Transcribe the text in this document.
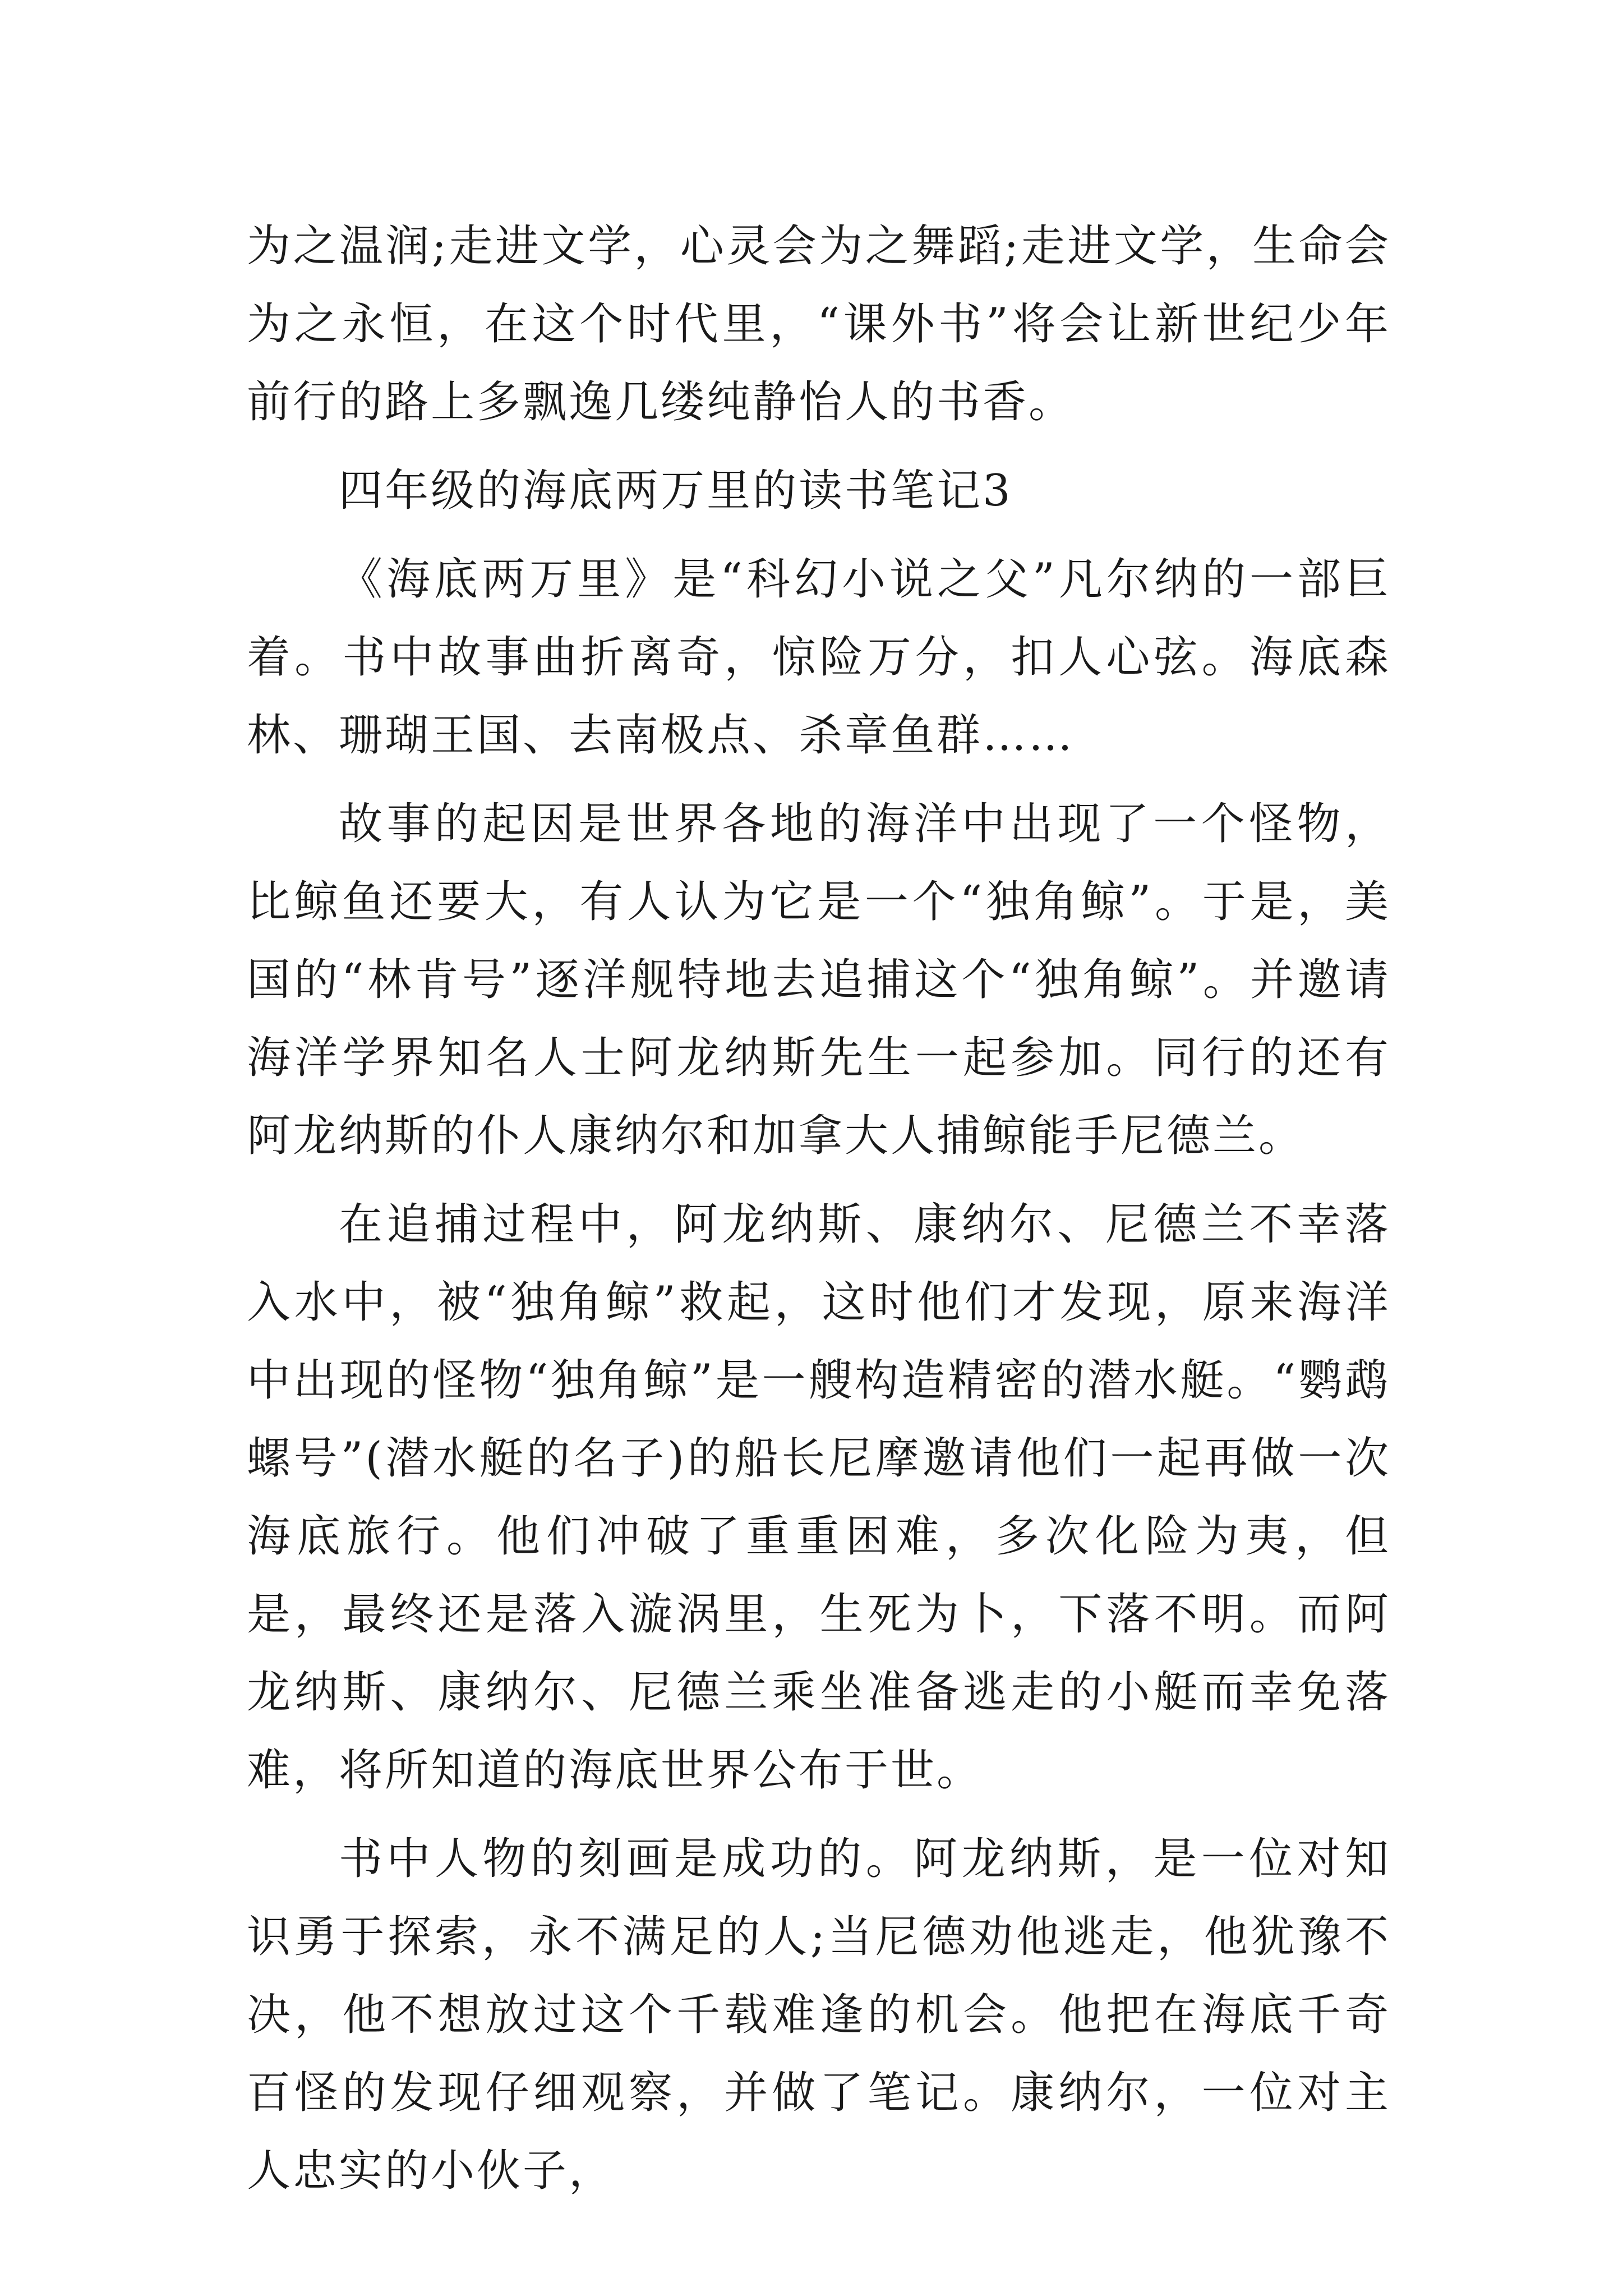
为之温润;走进文学，心灵会为之舞蹈;走进文学，生命会为之永恒，在这个时代里，“课外书”将会让新世纪少年前行的路上多飘逸几缕纯静怡人的书香。

四年级的海底两万里的读书笔记3

《海底两万里》是“科幻小说之父”凡尔纳的一部巨着。书中故事曲折离奇，惊险万分，扣人心弦。海底森林、珊瑚王国、去南极点、杀章鱼群……

故事的起因是世界各地的海洋中出现了一个怪物，比鲸鱼还要大，有人认为它是一个“独角鲸”。于是，美国的“林肯号”逐洋舰特地去追捕这个“独角鲸”。并邀请海洋学界知名人士阿龙纳斯先生一起参加。同行的还有阿龙纳斯的仆人康纳尔和加拿大人捕鲸能手尼德兰。

在追捕过程中，阿龙纳斯、康纳尔、尼德兰不幸落入水中，被“独角鲸”救起，这时他们才发现，原来海洋中出现的怪物“独角鲸”是一艘构造精密的潜水艇。“鹦鹉螺号”(潜水艇的名子)的船长尼摩邀请他们一起再做一次海底旅行。他们冲破了重重困难，多次化险为夷，但是，最终还是落入漩涡里，生死为卜，下落不明。而阿龙纳斯、康纳尔、尼德兰乘坐准备逃走的小艇而幸免落难，将所知道的海底世界公布于世。

书中人物的刻画是成功的。阿龙纳斯，是一位对知识勇于探索，永不满足的人;当尼德劝他逃走，他犹豫不决，他不想放过这个千载难逢的机会。他把在海底千奇百怪的发现仔细观察，并做了笔记。康纳尔，一位对主人忠实的小伙子，
